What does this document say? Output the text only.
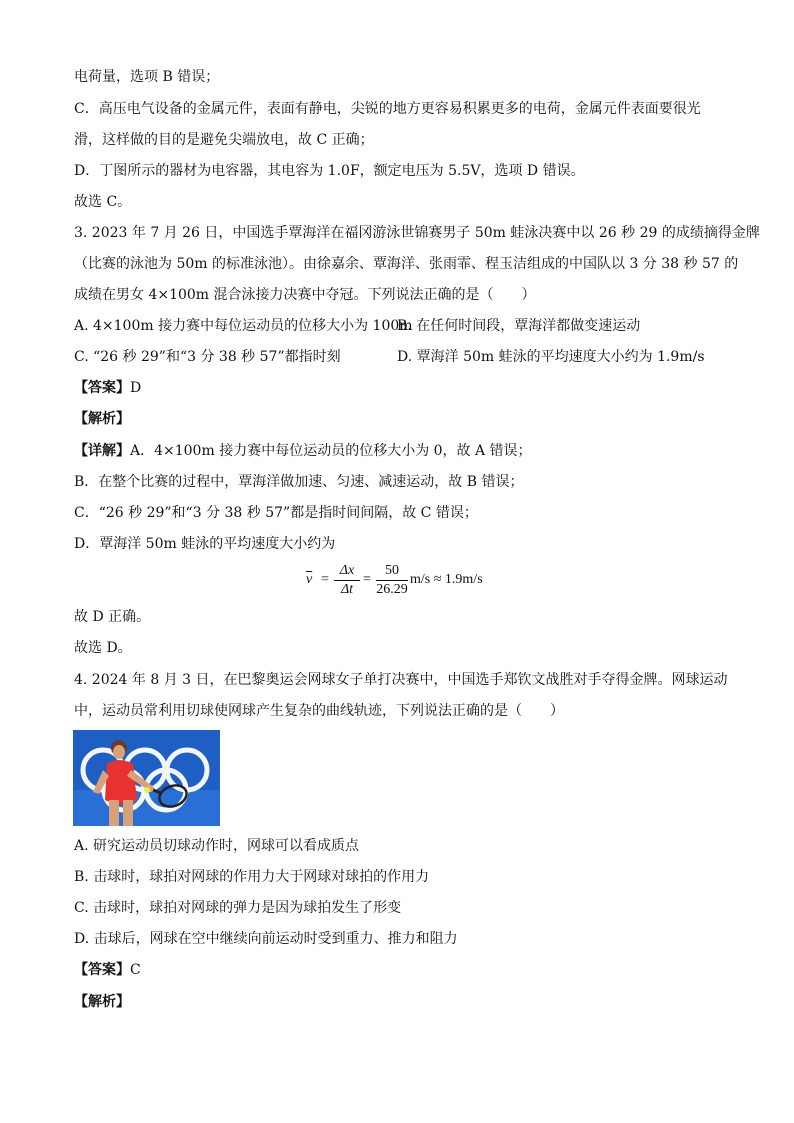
电荷量，选项 B 错误；
C．高压电气设备的金属元件，表面有静电，尖锐的地方更容易积累更多的电荷，金属元件表面要很光
滑，这样做的目的是避免尖端放电，故 C 正确；
D．丁图所示的器材为电容器，其电容为 1.0F，额定电压为 5.5V，选项 D 错误。
故选 C。
3. 2023 年 7 月 26 日，中国选手覃海洋在福冈游泳世锦赛男子 50m 蛙泳决赛中以 26 秒 29 的成绩摘得金牌
（比赛的泳池为 50m 的标准泳池）。由徐嘉余、覃海洋、张雨霏、程玉洁组成的中国队以 3 分 38 秒 57 的
成绩在男女 4×100m 混合泳接力决赛中夺冠。下列说法正确的是（　　）
A. 4×100m 接力赛中每位运动员的位移大小为 100m
B. 在任何时间段，覃海洋都做变速运动
C. “26 秒 29”和“3 分 38 秒 57”都指时刻	D. 覃海洋 50m 蛙泳的平均速度大小约为 1.9m/s
【答案】D
【解析】
【详解】A．4×100m 接力赛中每位运动员的位移大小为 0，故 A 错误；
B．在整个比赛的过程中，覃海洋做加速、匀速、减速运动，故 B 错误；
C．“26 秒 29”和“3 分 38 秒 57”都是指时间间隔，故 C 错误；
D．覃海洋 50m 蛙泳的平均速度大小约为
$\overline{v} = \frac{\Delta x}{\Delta t} = \frac{50}{26.29} m/s \approx 1.9m/s$
故 D 正确。
故选 D。
4. 2024 年 8 月 3 日，在巴黎奥运会网球女子单打决赛中，中国选手郑钦文战胜对手夺得金牌。网球运动
中，运动员常利用切球使网球产生复杂的曲线轨迹，下列说法正确的是（　　）
A. 研究运动员切球动作时，网球可以看成质点
B. 击球时，球拍对网球的作用力大于网球对球拍的作用力
C. 击球时，球拍对网球的弹力是因为球拍发生了形变
D. 击球后，网球在空中继续向前运动时受到重力、推力和阻力
【答案】C
【解析】
